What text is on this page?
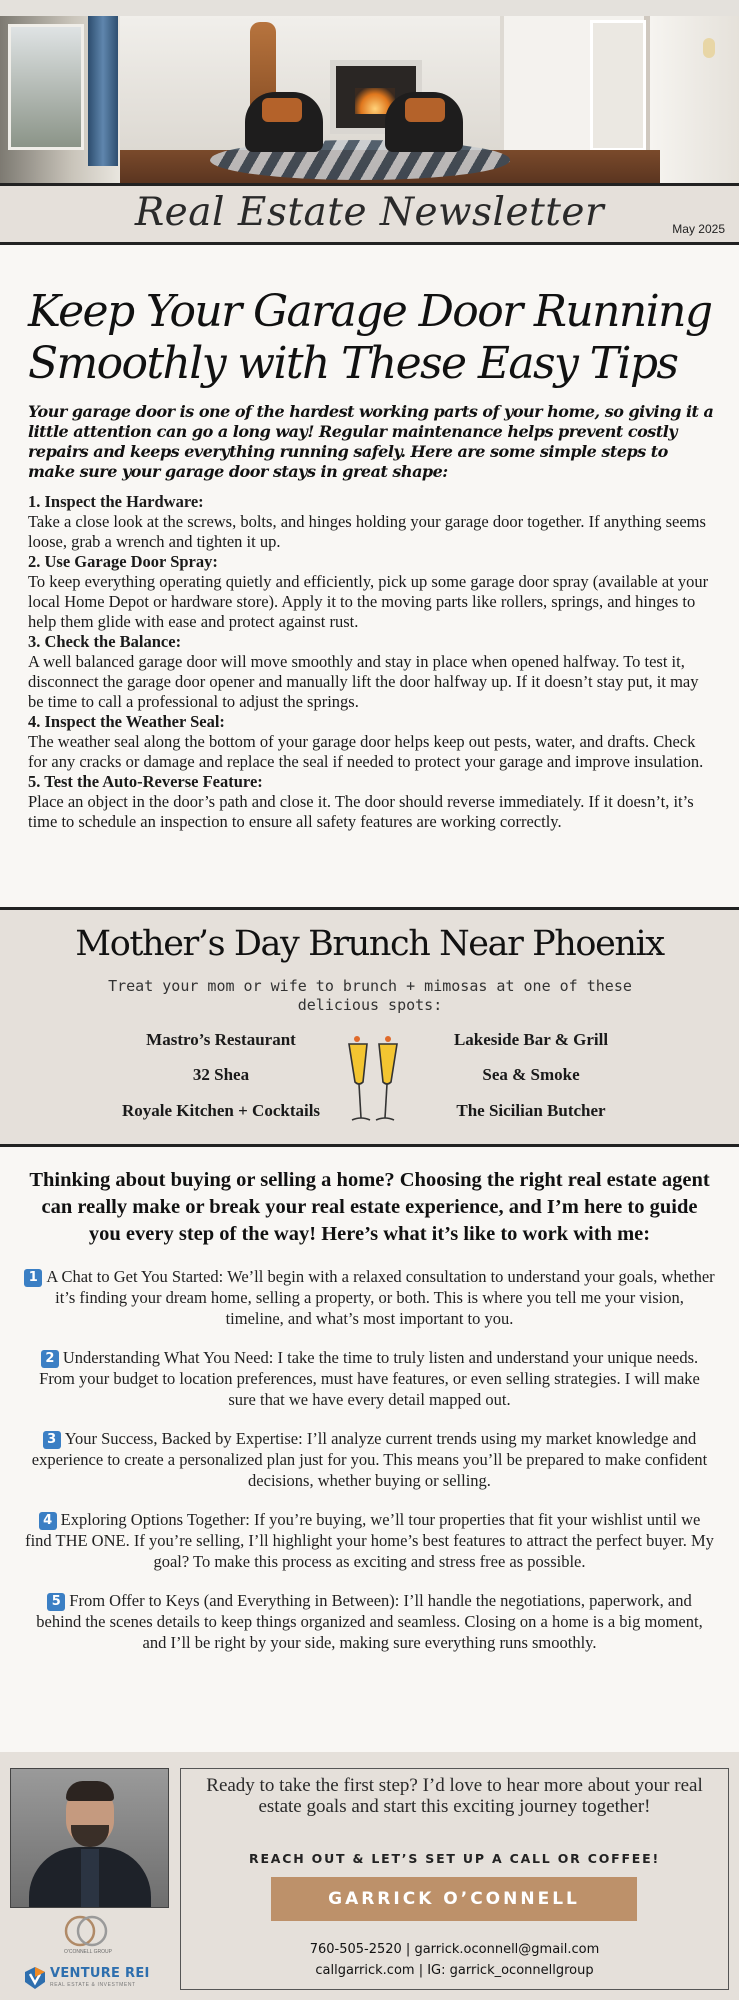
Real Estate Newsletter	May 2025
Keep Your Garage Door Running Smoothly with These Easy Tips

Your garage door is one of the hardest working parts of your home, so giving it a little attention can go a long way! Regular maintenance helps prevent costly repairs and keeps everything running safely. Here are some simple steps to make sure your garage door stays in great shape:

1. Inspect the Hardware:

Take a close look at the screws, bolts, and hinges holding your garage door together. If anything seems loose, grab a wrench and tighten it up.

2. Use Garage Door Spray:

To keep everything operating quietly and efficiently, pick up some garage door spray (available at your local Home Depot or hardware store). Apply it to the moving parts like rollers, springs, and hinges to help them glide with ease and protect against rust.

3. Check the Balance:

A well balanced garage door will move smoothly and stay in place when opened halfway. To test it, disconnect the garage door opener and manually lift the door halfway up. If it doesn’t stay put, it may be time to call a professional to adjust the springs.

4. Inspect the Weather Seal:

The weather seal along the bottom of your garage door helps keep out pests, water, and drafts. Check for any cracks or damage and replace the seal if needed to protect your garage and improve insulation.

5. Test the Auto-Reverse Feature:

Place an object in the door’s path and close it. The door should reverse immediately. If it doesn’t, it’s time to schedule an inspection to ensure all safety features are working correctly.

Mother’s Day Brunch Near Phoenix
Treat your mom or wife to brunch + mimosas at one of these delicious spots:
Mastro’s Restaurant
32 Shea
Royale Kitchen + Cocktails
Lakeside Bar & Grill
Sea & Smoke
The Sicilian Butcher

Thinking about buying or selling a home? Choosing the right real estate agent can really make or break your real estate experience, and I’m here to guide you every step of the way! Here’s what it’s like to work with me:

1 A Chat to Get You Started: We’ll begin with a relaxed consultation to understand your goals, whether it’s finding your dream home, selling a property, or both. This is where you tell me your vision, timeline, and what’s most important to you.
2 Understanding What You Need: I take the time to truly listen and understand your unique needs. From your budget to location preferences, must have features, or even selling strategies. I will make sure that we have every detail mapped out.
3 Your Success, Backed by Expertise: I’ll analyze current trends using my market knowledge and experience to create a personalized plan just for you. This means you’ll be prepared to make confident decisions, whether buying or selling.
4 Exploring Options Together: If you’re buying, we’ll tour properties that fit your wishlist until we find THE ONE. If you’re selling, I’ll highlight your home’s best features to attract the perfect buyer. My goal? To make this process as exciting and stress free as possible.
5 From Offer to Keys (and Everything in Between): I’ll handle the negotiations, paperwork, and behind the scenes details to keep things organized and seamless. Closing on a home is a big moment, and I’ll be right by your side, making sure everything runs smoothly.
O'CONNELL GROUP
VENTURE REI
REAL ESTATE & INVESTMENT
Ready to take the first step? I’d love to hear more about your real estate goals and start this exciting journey together!
REACH OUT & LET’S SET UP A CALL OR COFFEE!
GARRICK O’CONNELL
760-505-2520 | garrick.oconnell@gmail.com
callgarrick.com | IG: garrick_oconnellgroup
